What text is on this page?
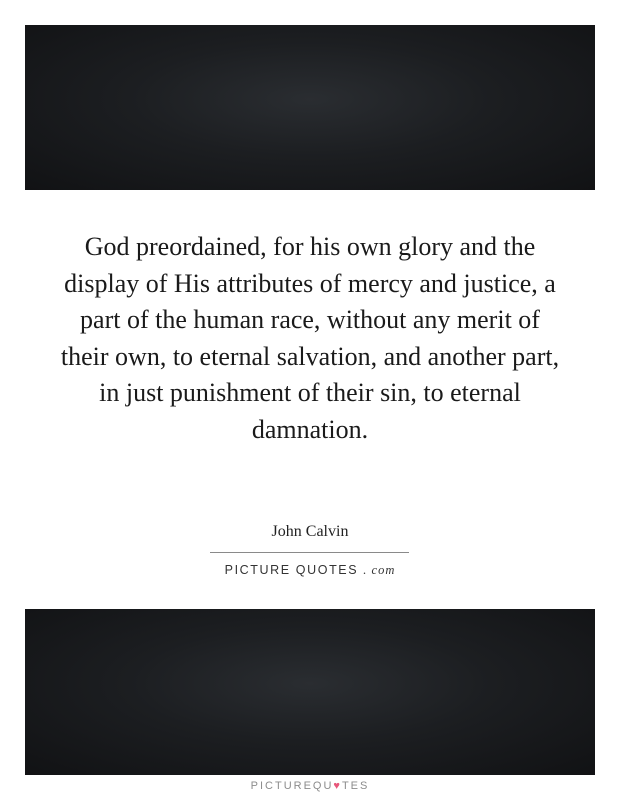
God preordained, for his own glory and the display of His attributes of mercy and justice, a part of the human race, without any merit of their own, to eternal salvation, and another part, in just punishment of their sin, to eternal damnation.

John Calvin
PICTURE QUOTES . com
PICTUREQU♥TES
